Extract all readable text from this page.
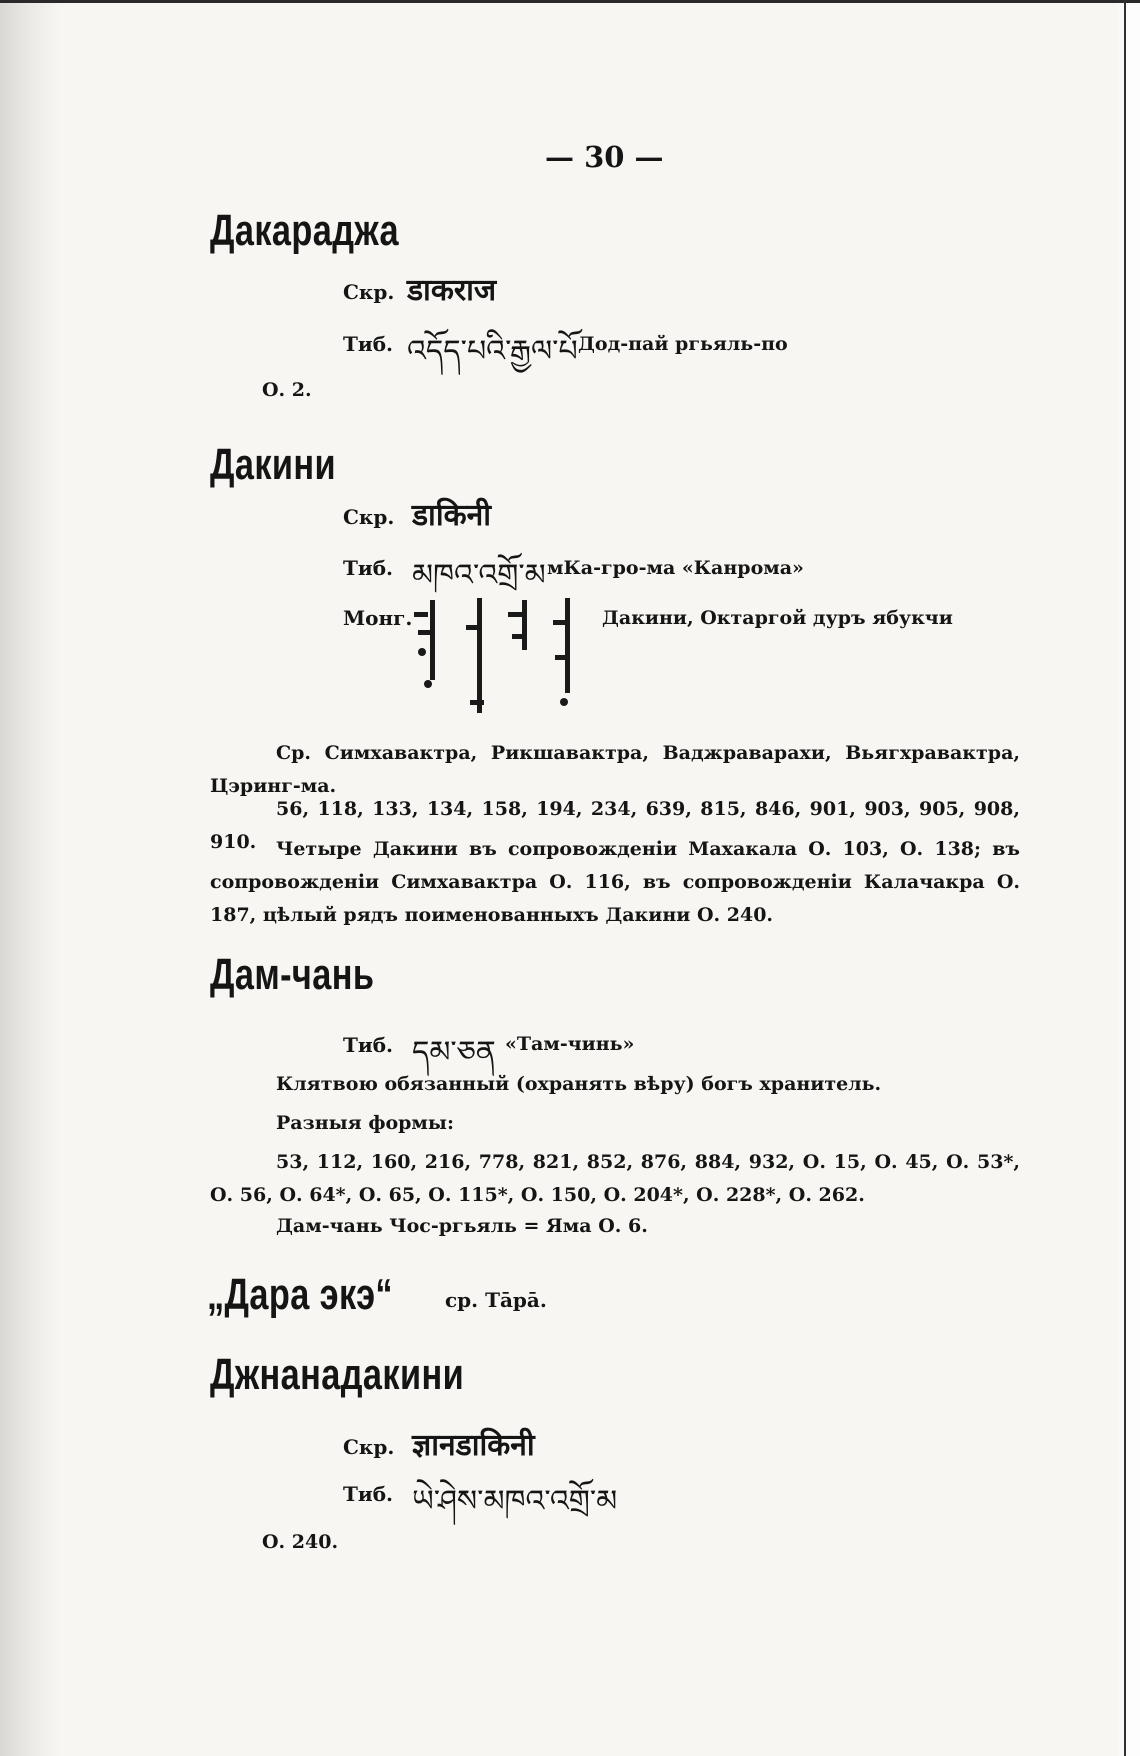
— 30 —
Дакараджа
Скр. डाकराज
Тиб. འདོད་པའི་རྒྱལ་པོ Дод-пай ргьяль-по
О. 2.
Дакини
Скр. डाकिनी
Тиб. མཁའ་འགྲོ་མ мКа-гро-ма «Канрома»
Монг.	Дакини, Октаргой дуръ ябукчи
Ср. Симхавактра, Рикшавактра, Ваджраварахи, Вьягхравактра, Цэринг-ма.
56, 118, 133, 134, 158, 194, 234, 639, 815, 846, 901, 903, 905, 908, 910.	Четыре Дакини въ сопровожденiи Махакала О. 103, О. 138; въ сопровожденiи Симхавактра О. 116, въ сопровожденiи Калачакра О. 187, цѣлый рядъ поименованныхъ Дакини О. 240.
Дам-чань
Тиб. དམ་ཅན «Там-чинь»
Клятвою обязанный (охранять вѣру) богъ хранитель.
Разныя формы:
53, 112, 160, 216, 778, 821, 852, 876, 884, 932, О. 15, О. 45, О. 53*, О. 56, О. 64*, О. 65, О. 115*, О. 150, О. 204*, О. 228*, О. 262.
Дам-чань Чос-ргьяль = Яма О. 6.
„Дара экэ“	ср. Тāрā.
Джнанадакини
Скр. ज्ञानडाकिनी
Тиб. ཡེ་ཤེས་མཁའ་འགྲོ་མ
О. 240.
